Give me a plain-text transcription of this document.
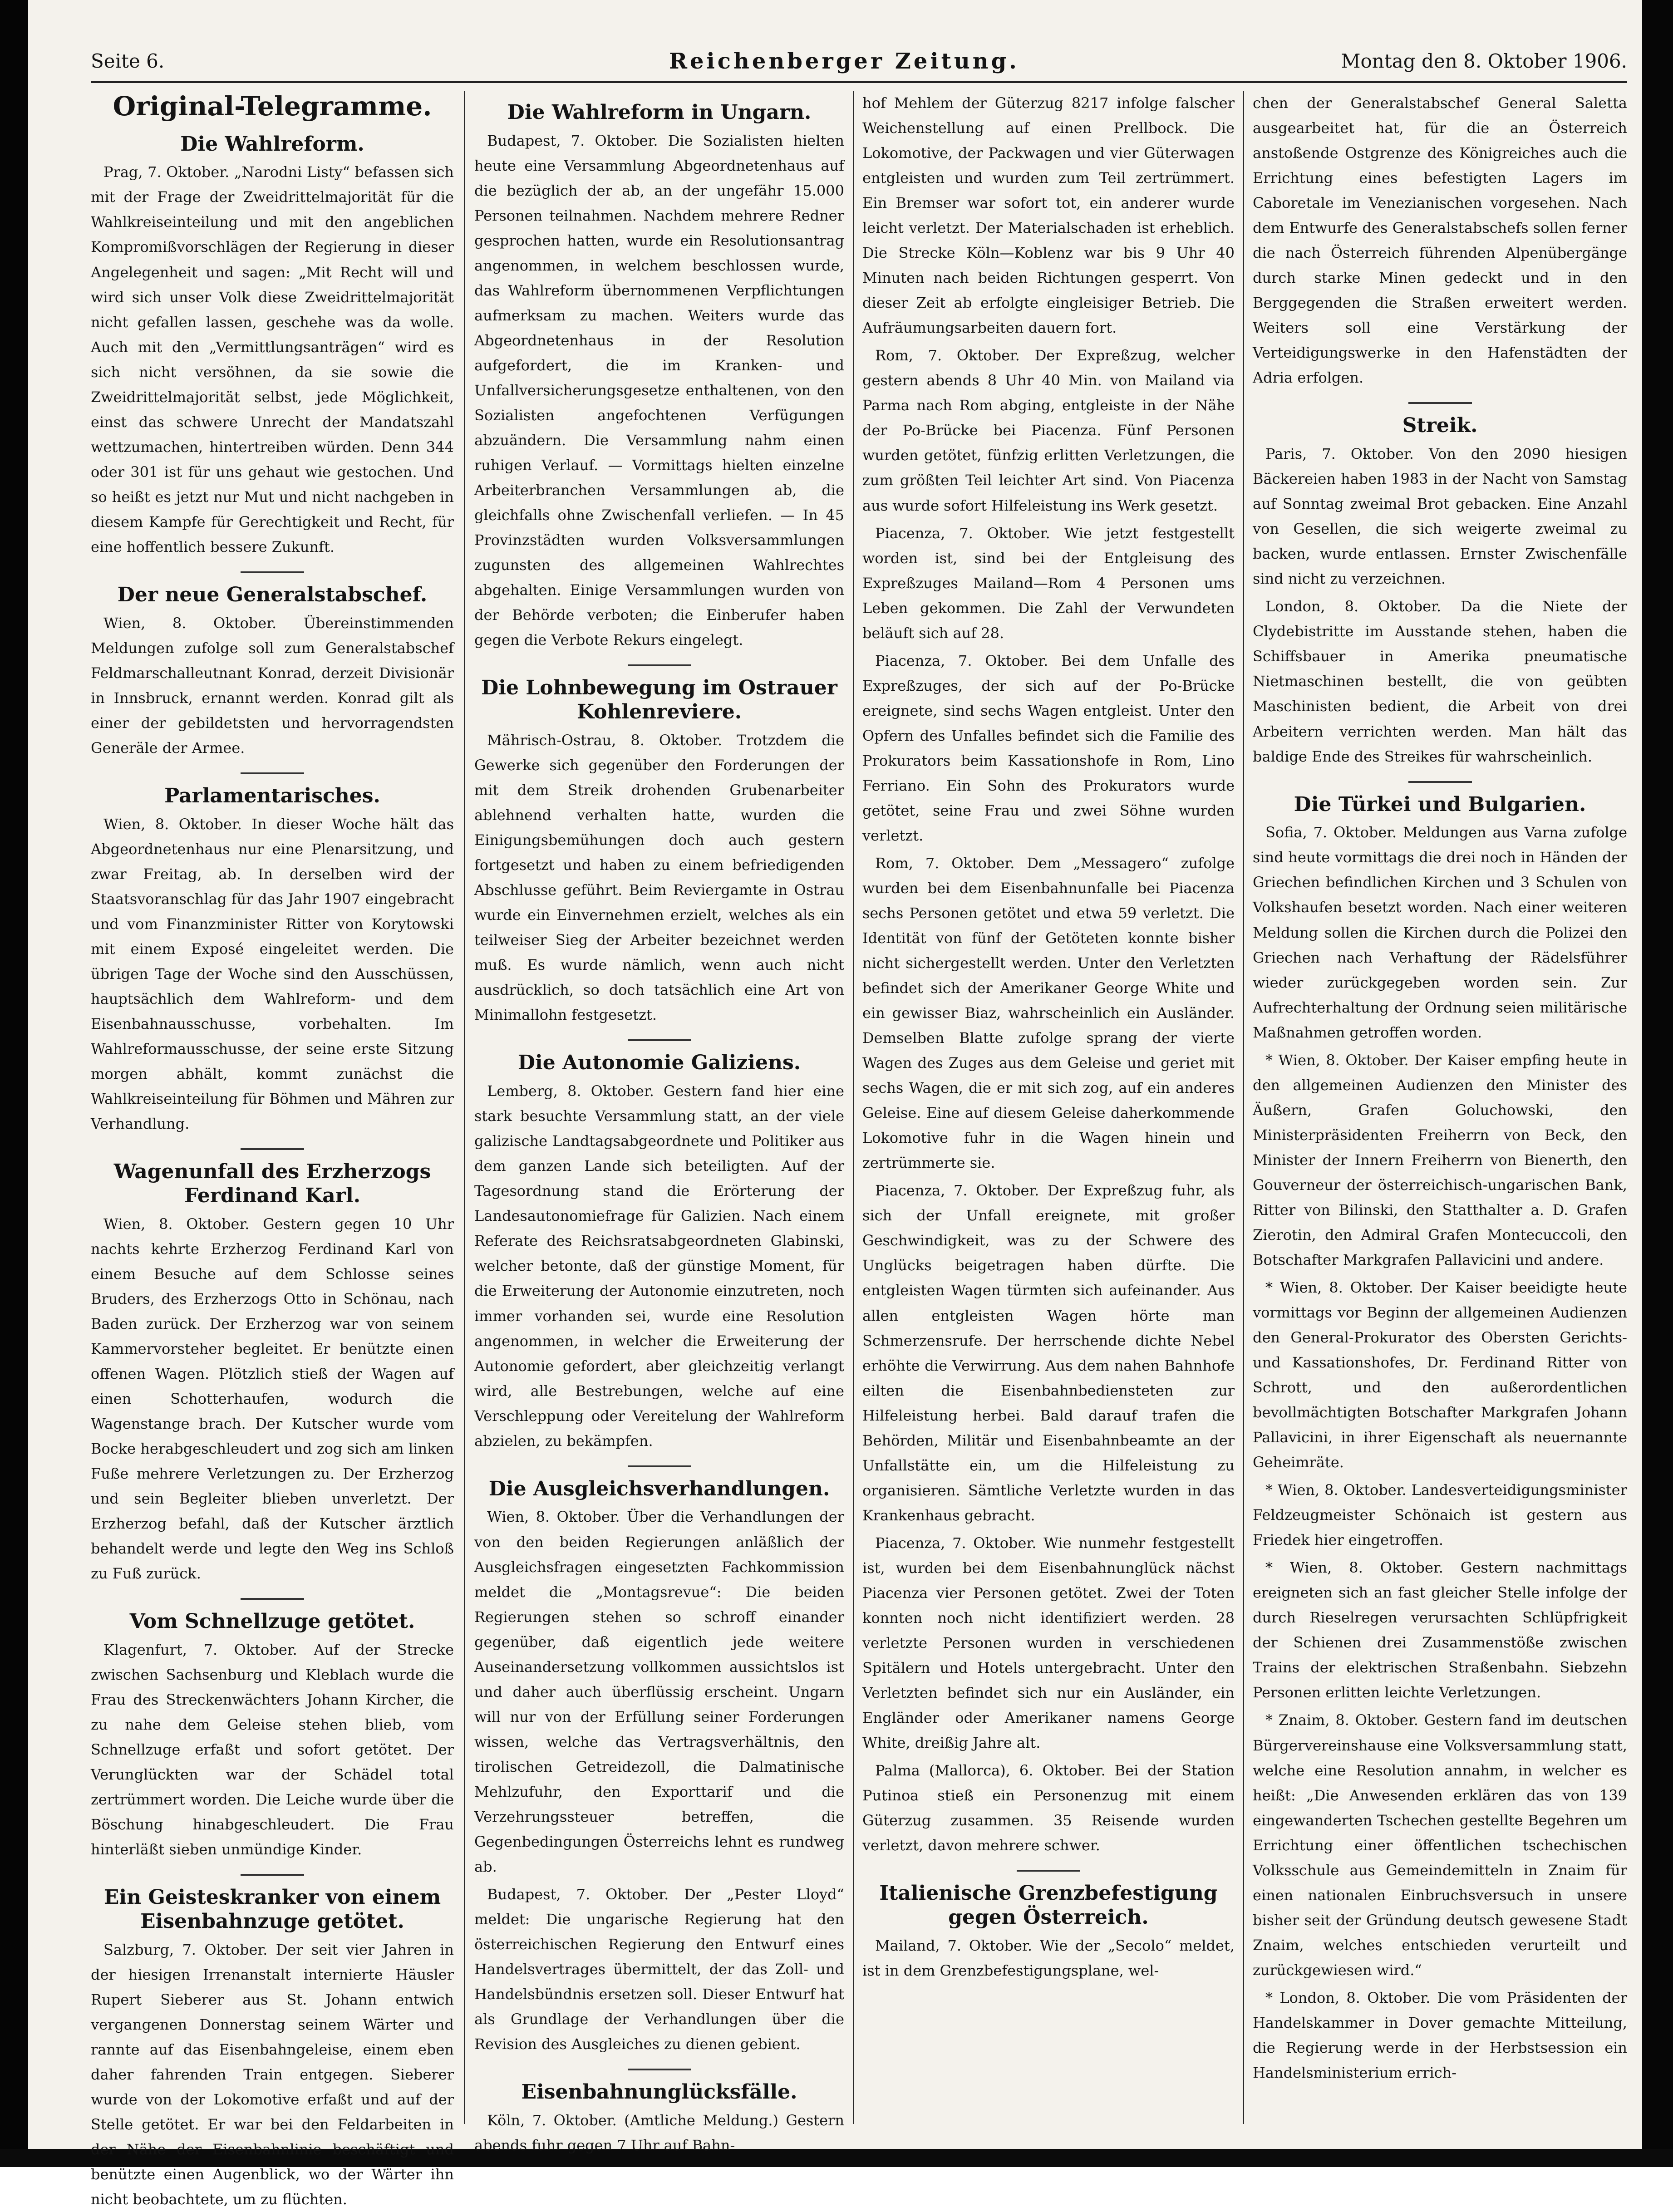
Seite 6.	Reichenberger Zeitung.	Montag den 8. Oktober 1906.
Original-Telegramme.
Die Wahlreform.

Prag, 7. Oktober. „Narodni Listy“ befassen sich mit der Frage der Zweidrittelmajorität für die Wahlkreiseinteilung und mit den angeblichen Kompromißvorschlägen der Regierung in dieser Angelegenheit und sagen: „Mit Recht will und wird sich unser Volk diese Zweidrittelmajorität nicht gefallen lassen, geschehe was da wolle. Auch mit den „Vermittlungsanträgen“ wird es sich nicht versöhnen, da sie sowie die Zweidrittelmajorität selbst, jede Möglichkeit, einst das schwere Unrecht der Mandatszahl wettzumachen, hintertreiben würden. Denn 344 oder 301 ist für uns gehaut wie gestochen. Und so heißt es jetzt nur Mut und nicht nachgeben in diesem Kampfe für Gerechtigkeit und Recht, für eine hoffentlich bessere Zukunft.

Der neue Generalstabschef.

Wien, 8. Oktober. Übereinstimmenden Meldungen zufolge soll zum Generalstabschef Feldmarschalleutnant Konrad, derzeit Divisionär in Innsbruck, ernannt werden. Konrad gilt als einer der gebildetsten und hervorragendsten Generäle der Armee.

Parlamentarisches.

Wien, 8. Oktober. In dieser Woche hält das Abgeordnetenhaus nur eine Plenarsitzung, und zwar Freitag, ab. In derselben wird der Staatsvoranschlag für das Jahr 1907 eingebracht und vom Finanzminister Ritter von Korytowski mit einem Exposé eingeleitet werden. Die übrigen Tage der Woche sind den Ausschüssen, hauptsächlich dem Wahlreform- und dem Eisenbahnausschusse, vorbehalten. Im Wahlreformausschusse, der seine erste Sitzung morgen abhält, kommt zunächst die Wahlkreiseinteilung für Böhmen und Mähren zur Verhandlung.

Wagenunfall des Erzherzogs Ferdinand Karl.

Wien, 8. Oktober. Gestern gegen 10 Uhr nachts kehrte Erzherzog Ferdinand Karl von einem Besuche auf dem Schlosse seines Bruders, des Erzherzogs Otto in Schönau, nach Baden zurück. Der Erzherzog war von seinem Kammervorsteher begleitet. Er benützte einen offenen Wagen. Plötzlich stieß der Wagen auf einen Schotterhaufen, wodurch die Wagenstange brach. Der Kutscher wurde vom Bocke herabgeschleudert und zog sich am linken Fuße mehrere Verletzungen zu. Der Erzherzog und sein Begleiter blieben unverletzt. Der Erzherzog befahl, daß der Kutscher ärztlich behandelt werde und legte den Weg ins Schloß zu Fuß zurück.

Vom Schnellzuge getötet.

Klagenfurt, 7. Oktober. Auf der Strecke zwischen Sachsenburg und Kleblach wurde die Frau des Streckenwächters Johann Kircher, die zu nahe dem Geleise stehen blieb, vom Schnellzuge erfaßt und sofort getötet. Der Verunglückten war der Schädel total zertrümmert worden. Die Leiche wurde über die Böschung hinabgeschleudert. Die Frau hinterläßt sieben unmündige Kinder.

Ein Geisteskranker von einem Eisenbahnzuge getötet.

Salzburg, 7. Oktober. Der seit vier Jahren in der hiesigen Irrenanstalt internierte Häusler Rupert Sieberer aus St. Johann entwich vergangenen Donnerstag seinem Wärter und rannte auf das Eisenbahngeleise, einem eben daher fahrenden Train entgegen. Sieberer wurde von der Lokomotive erfaßt und auf der Stelle getötet. Er war bei den Feldarbeiten in der Nähe der Eisenbahnlinie beschäftigt und benützte einen Augenblick, wo der Wärter ihn nicht beobachtete, um zu flüchten.

Die Wahlreform in Ungarn.

Budapest, 7. Oktober. Die Sozialisten hielten heute eine Versammlung Abgeordnetenhaus auf die bezüglich der ab, an der ungefähr 15.000 Personen teilnahmen. Nachdem mehrere Redner gesprochen hatten, wurde ein Resolutionsantrag angenommen, in welchem beschlossen wurde, das Wahlreform übernommenen Verpflichtungen aufmerksam zu machen. Weiters wurde das Abgeordnetenhaus in der Resolution aufgefordert, die im Kranken- und Unfallversicherungsgesetze enthaltenen, von den Sozialisten angefochtenen Verfügungen abzuändern. Die Versammlung nahm einen ruhigen Verlauf. — Vormittags hielten einzelne Arbeiterbranchen Versammlungen ab, die gleichfalls ohne Zwischenfall verliefen. — In 45 Provinzstädten wurden Volksversammlungen zugunsten des allgemeinen Wahlrechtes abgehalten. Einige Versammlungen wurden von der Behörde verboten; die Einberufer haben gegen die Verbote Rekurs eingelegt.

Die Lohnbewegung im Ostrauer Kohlenreviere.

Mährisch-Ostrau, 8. Oktober. Trotzdem die Gewerke sich gegenüber den Forderungen der mit dem Streik drohenden Grubenarbeiter ablehnend verhalten hatte, wurden die Einigungsbemühungen doch auch gestern fortgesetzt und haben zu einem befriedigenden Abschlusse geführt. Beim Reviergamte in Ostrau wurde ein Einvernehmen erzielt, welches als ein teilweiser Sieg der Arbeiter bezeichnet werden muß. Es wurde nämlich, wenn auch nicht ausdrücklich, so doch tatsächlich eine Art von Minimallohn festgesetzt.

Die Autonomie Galiziens.

Lemberg, 8. Oktober. Gestern fand hier eine stark besuchte Versammlung statt, an der viele galizische Landtagsabgeordnete und Politiker aus dem ganzen Lande sich beteiligten. Auf der Tagesordnung stand die Erörterung der Landesautonomiefrage für Galizien. Nach einem Referate des Reichsratsabgeordneten Glabinski, welcher betonte, daß der günstige Moment, für die Erweiterung der Autonomie einzutreten, noch immer vorhanden sei, wurde eine Resolution angenommen, in welcher die Erweiterung der Autonomie gefordert, aber gleichzeitig verlangt wird, alle Bestrebungen, welche auf eine Verschleppung oder Vereitelung der Wahlreform abzielen, zu bekämpfen.

Die Ausgleichsverhandlungen.

Wien, 8. Oktober. Über die Verhandlungen der von den beiden Regierungen anläßlich der Ausgleichsfragen eingesetzten Fachkommission meldet die „Montagsrevue“: Die beiden Regierungen stehen so schroff einander gegenüber, daß eigentlich jede weitere Auseinandersetzung vollkommen aussichtslos ist und daher auch überflüssig erscheint. Ungarn will nur von der Erfüllung seiner Forderungen wissen, welche das Vertragsverhältnis, den tirolischen Getreidezoll, die Dalmatinische Mehlzufuhr, den Exporttarif und die Verzehrungssteuer betreffen, die Gegenbedingungen Österreichs lehnt es rundweg ab.

Budapest, 7. Oktober. Der „Pester Lloyd“ meldet: Die ungarische Regierung hat den österreichischen Regierung den Entwurf eines Handelsvertrages übermittelt, der das Zoll- und Handelsbündnis ersetzen soll. Dieser Entwurf hat als Grundlage der Verhandlungen über die Revision des Ausgleiches zu dienen gebient.

Eisenbahnunglücksfälle.

Köln, 7. Oktober. (Amtliche Meldung.) Gestern abends fuhr gegen 7 Uhr auf Bahn-

hof Mehlem der Güterzug 8217 infolge falscher Weichenstellung auf einen Prellbock. Die Lokomotive, der Packwagen und vier Güterwagen entgleisten und wurden zum Teil zertrümmert. Ein Bremser war sofort tot, ein anderer wurde leicht verletzt. Der Materialschaden ist erheblich. Die Strecke Köln—Koblenz war bis 9 Uhr 40 Minuten nach beiden Richtungen gesperrt. Von dieser Zeit ab erfolgte eingleisiger Betrieb. Die Aufräumungsarbeiten dauern fort.

Rom, 7. Oktober. Der Expreßzug, welcher gestern abends 8 Uhr 40 Min. von Mailand via Parma nach Rom abging, entgleiste in der Nähe der Po-Brücke bei Piacenza. Fünf Personen wurden getötet, fünfzig erlitten Verletzungen, die zum größten Teil leichter Art sind. Von Piacenza aus wurde sofort Hilfeleistung ins Werk gesetzt.

Piacenza, 7. Oktober. Wie jetzt festgestellt worden ist, sind bei der Entgleisung des Expreßzuges Mailand—Rom 4 Personen ums Leben gekommen. Die Zahl der Verwundeten beläuft sich auf 28.

Piacenza, 7. Oktober. Bei dem Unfalle des Expreßzuges, der sich auf der Po-Brücke ereignete, sind sechs Wagen entgleist. Unter den Opfern des Unfalles befindet sich die Familie des Prokurators beim Kassationshofe in Rom, Lino Ferriano. Ein Sohn des Prokurators wurde getötet, seine Frau und zwei Söhne wurden verletzt.

Rom, 7. Oktober. Dem „Messagero“ zufolge wurden bei dem Eisenbahnunfalle bei Piacenza sechs Personen getötet und etwa 59 verletzt. Die Identität von fünf der Getöteten konnte bisher nicht sichergestellt werden. Unter den Verletzten befindet sich der Amerikaner George White und ein gewisser Biaz, wahrscheinlich ein Ausländer. Demselben Blatte zufolge sprang der vierte Wagen des Zuges aus dem Geleise und geriet mit sechs Wagen, die er mit sich zog, auf ein anderes Geleise. Eine auf diesem Geleise daherkommende Lokomotive fuhr in die Wagen hinein und zertrümmerte sie.

Piacenza, 7. Oktober. Der Expreßzug fuhr, als sich der Unfall ereignete, mit großer Geschwindigkeit, was zu der Schwere des Unglücks beigetragen haben dürfte. Die entgleisten Wagen türmten sich aufeinander. Aus allen entgleisten Wagen hörte man Schmerzensrufe. Der herrschende dichte Nebel erhöhte die Verwirrung. Aus dem nahen Bahnhofe eilten die Eisenbahnbediensteten zur Hilfeleistung herbei. Bald darauf trafen die Behörden, Militär und Eisenbahnbeamte an der Unfallstätte ein, um die Hilfeleistung zu organisieren. Sämtliche Verletzte wurden in das Krankenhaus gebracht.

Piacenza, 7. Oktober. Wie nunmehr festgestellt ist, wurden bei dem Eisenbahnunglück nächst Piacenza vier Personen getötet. Zwei der Toten konnten noch nicht identifiziert werden. 28 verletzte Personen wurden in verschiedenen Spitälern und Hotels untergebracht. Unter den Verletzten befindet sich nur ein Ausländer, ein Engländer oder Amerikaner namens George White, dreißig Jahre alt.

Palma (Mallorca), 6. Oktober. Bei der Station Putinoa stieß ein Personenzug mit einem Güterzug zusammen. 35 Reisende wurden verletzt, davon mehrere schwer.

Italienische Grenzbefestigung gegen Österreich.

Mailand, 7. Oktober. Wie der „Secolo“ meldet, ist in dem Grenzbefestigungsplane, wel-

chen der Generalstabschef General Saletta ausgearbeitet hat, für die an Österreich anstoßende Ostgrenze des Königreiches auch die Errichtung eines befestigten Lagers im Caboretale im Venezianischen vorgesehen. Nach dem Entwurfe des Generalstabschefs sollen ferner die nach Österreich führenden Alpenübergänge durch starke Minen gedeckt und in den Berggegenden die Straßen erweitert werden. Weiters soll eine Verstärkung der Verteidigungswerke in den Hafenstädten der Adria erfolgen.

Streik.

Paris, 7. Oktober. Von den 2090 hiesigen Bäckereien haben 1983 in der Nacht von Samstag auf Sonntag zweimal Brot gebacken. Eine Anzahl von Gesellen, die sich weigerte zweimal zu backen, wurde entlassen. Ernster Zwischenfälle sind nicht zu verzeichnen.

London, 8. Oktober. Da die Niete der Clydebistritte im Ausstande stehen, haben die Schiffsbauer in Amerika pneumatische Nietmaschinen bestellt, die von geübten Maschinisten bedient, die Arbeit von drei Arbeitern verrichten werden. Man hält das baldige Ende des Streikes für wahrscheinlich.

Die Türkei und Bulgarien.

Sofia, 7. Oktober. Meldungen aus Varna zufolge sind heute vormittags die drei noch in Händen der Griechen befindlichen Kirchen und 3 Schulen von Volkshaufen besetzt worden. Nach einer weiteren Meldung sollen die Kirchen durch die Polizei den Griechen nach Verhaftung der Rädelsführer wieder zurückgegeben worden sein. Zur Aufrechterhaltung der Ordnung seien militärische Maßnahmen getroffen worden.

* Wien, 8. Oktober. Der Kaiser empfing heute in den allgemeinen Audienzen den Minister des Äußern, Grafen Goluchowski, den Ministerpräsidenten Freiherrn von Beck, den Minister der Innern Freiherrn von Bienerth, den Gouverneur der österreichisch-ungarischen Bank, Ritter von Bilinski, den Statthalter a. D. Grafen Zierotin, den Admiral Grafen Montecuccoli, den Botschafter Markgrafen Pallavicini und andere.

* Wien, 8. Oktober. Der Kaiser beeidigte heute vormittags vor Beginn der allgemeinen Audienzen den General-Prokurator des Obersten Gerichts- und Kassationshofes, Dr. Ferdinand Ritter von Schrott, und den außerordentlichen bevollmächtigten Botschafter Markgrafen Johann Pallavicini, in ihrer Eigenschaft als neuernannte Geheimräte.

* Wien, 8. Oktober. Landesverteidigungsminister Feldzeugmeister Schönaich ist gestern aus Friedek hier eingetroffen.

* Wien, 8. Oktober. Gestern nachmittags ereigneten sich an fast gleicher Stelle infolge der durch Rieselregen verursachten Schlüpfrigkeit der Schienen drei Zusammenstöße zwischen Trains der elektrischen Straßenbahn. Siebzehn Personen erlitten leichte Verletzungen.

* Znaim, 8. Oktober. Gestern fand im deutschen Bürgervereinshause eine Volksversammlung statt, welche eine Resolution annahm, in welcher es heißt: „Die Anwesenden erklären das von 139 eingewanderten Tschechen gestellte Begehren um Errichtung einer öffentlichen tschechischen Volksschule aus Gemeindemitteln in Znaim für einen nationalen Einbruchsversuch in unsere bisher seit der Gründung deutsch gewesene Stadt Znaim, welches entschieden verurteilt und zurückgewiesen wird.“

* London, 8. Oktober. Die vom Präsidenten der Handelskammer in Dover gemachte Mitteilung, die Regierung werde in der Herbstsession ein Handelsministerium errich-
